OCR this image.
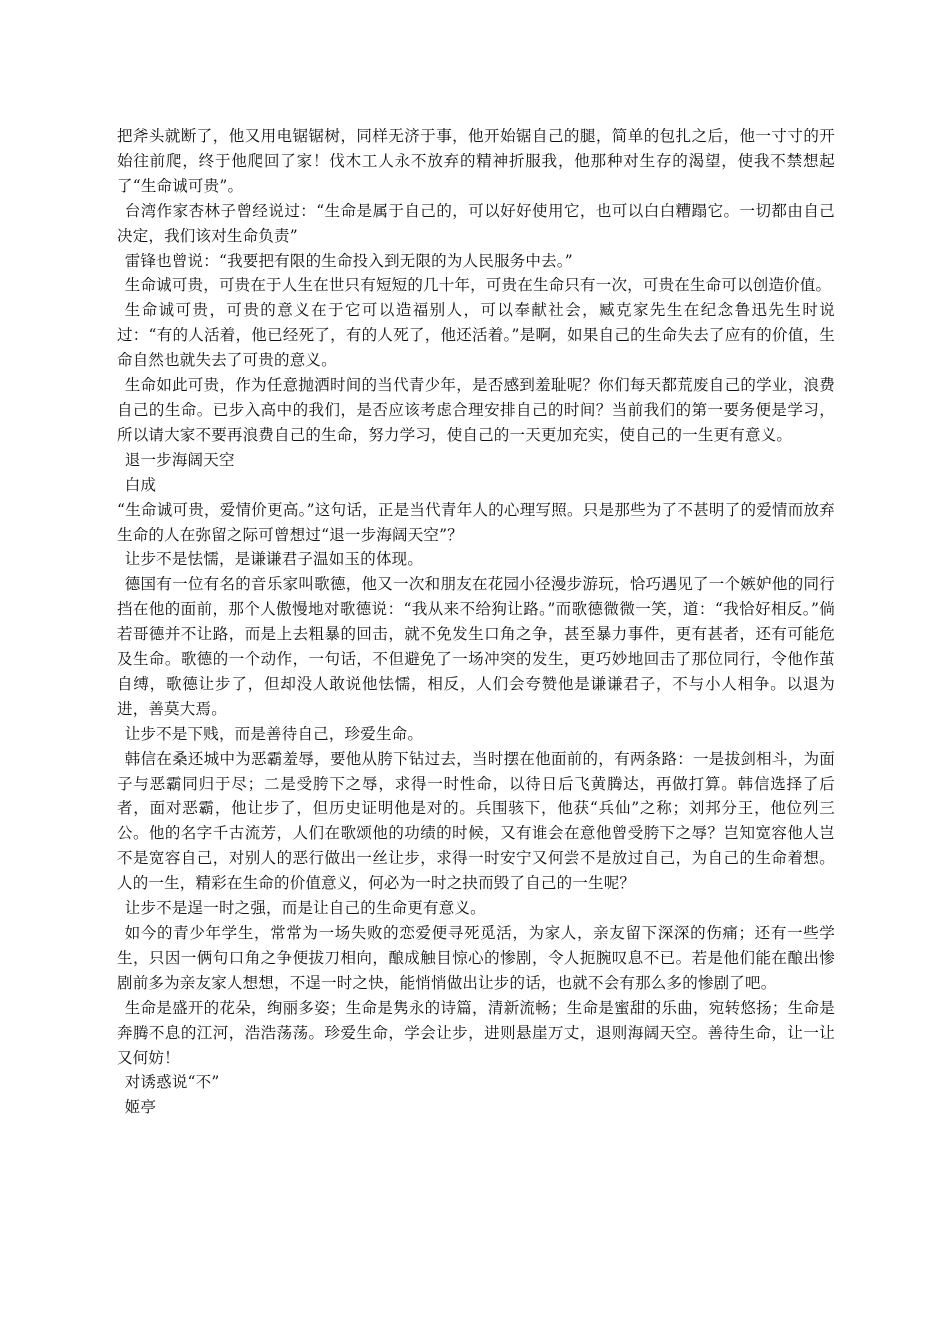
把斧头就断了，他又用电锯锯树，同样无济于事，他开始锯自己的腿，简单的包扎之后，他一寸寸的开始往前爬，终于他爬回了家！伐木工人永不放弃的精神折服我，他那种对生存的渴望，使我不禁想起了“生命诚可贵”。

台湾作家杏林子曾经说过：“生命是属于自己的，可以好好使用它，也可以白白糟蹋它。一切都由自己决定，我们该对生命负责”

雷锋也曾说：“我要把有限的生命投入到无限的为人民服务中去。”

生命诚可贵，可贵在于人生在世只有短短的几十年，可贵在生命只有一次，可贵在生命可以创造价值。

生命诚可贵，可贵的意义在于它可以造福别人，可以奉献社会，臧克家先生在纪念鲁迅先生时说过：“有的人活着，他已经死了，有的人死了，他还活着。”是啊，如果自己的生命失去了应有的价值，生命自然也就失去了可贵的意义。

生命如此可贵，作为任意抛洒时间的当代青少年，是否感到羞耻呢？你们每天都荒废自己的学业，浪费自己的生命。已步入高中的我们，是否应该考虑合理安排自己的时间？当前我们的第一要务便是学习，所以请大家不要再浪费自己的生命，努力学习，使自己的一天更加充实，使自己的一生更有意义。

退一步海阔天空

白成

“生命诚可贵，爱情价更高。”这句话，正是当代青年人的心理写照。只是那些为了不甚明了的爱情而放弃生命的人在弥留之际可曾想过“退一步海阔天空”？

让步不是怯懦，是谦谦君子温如玉的体现。

德国有一位有名的音乐家叫歌德，他又一次和朋友在花园小径漫步游玩，恰巧遇见了一个嫉妒他的同行挡在他的面前，那个人傲慢地对歌德说：“我从来不给狗让路。”而歌德微微一笑，道：“我恰好相反。”倘若哥德并不让路，而是上去粗暴的回击，就不免发生口角之争，甚至暴力事件，更有甚者，还有可能危及生命。歌德的一个动作，一句话，不但避免了一场冲突的发生，更巧妙地回击了那位同行，令他作茧自缚，歌德让步了，但却没人敢说他怯懦，相反，人们会夸赞他是谦谦君子，不与小人相争。以退为进，善莫大焉。

让步不是下贱，而是善待自己，珍爱生命。

韩信在桑还城中为恶霸羞辱，要他从胯下钻过去，当时摆在他面前的，有两条路：一是拔剑相斗，为面子与恶霸同归于尽；二是受胯下之辱，求得一时性命，以待日后飞黄腾达，再做打算。韩信选择了后者，面对恶霸，他让步了，但历史证明他是对的。兵围骇下，他获“兵仙”之称；刘邦分王，他位列三公。他的名字千古流芳，人们在歌颂他的功绩的时候，又有谁会在意他曾受胯下之辱？岂知宽容他人岂不是宽容自己，对别人的恶行做出一丝让步，求得一时安宁又何尝不是放过自己，为自己的生命着想。人的一生，精彩在生命的价值意义，何必为一时之抉而毁了自己的一生呢？

让步不是逞一时之强，而是让自己的生命更有意义。

如今的青少年学生，常常为一场失败的恋爱便寻死觅活，为家人，亲友留下深深的伤痛；还有一些学生，只因一俩句口角之争便拔刀相向，酿成触目惊心的惨剧，令人扼腕叹息不已。若是他们能在酿出惨剧前多为亲友家人想想，不逞一时之快，能悄悄做出让步的话，也就不会有那么多的惨剧了吧。

生命是盛开的花朵，绚丽多姿；生命是隽永的诗篇，清新流畅；生命是蜜甜的乐曲，宛转悠扬；生命是奔腾不息的江河，浩浩荡荡。珍爱生命，学会让步，进则悬崖万丈，退则海阔天空。善待生命，让一让又何妨！

对诱惑说“不”

姬亭
